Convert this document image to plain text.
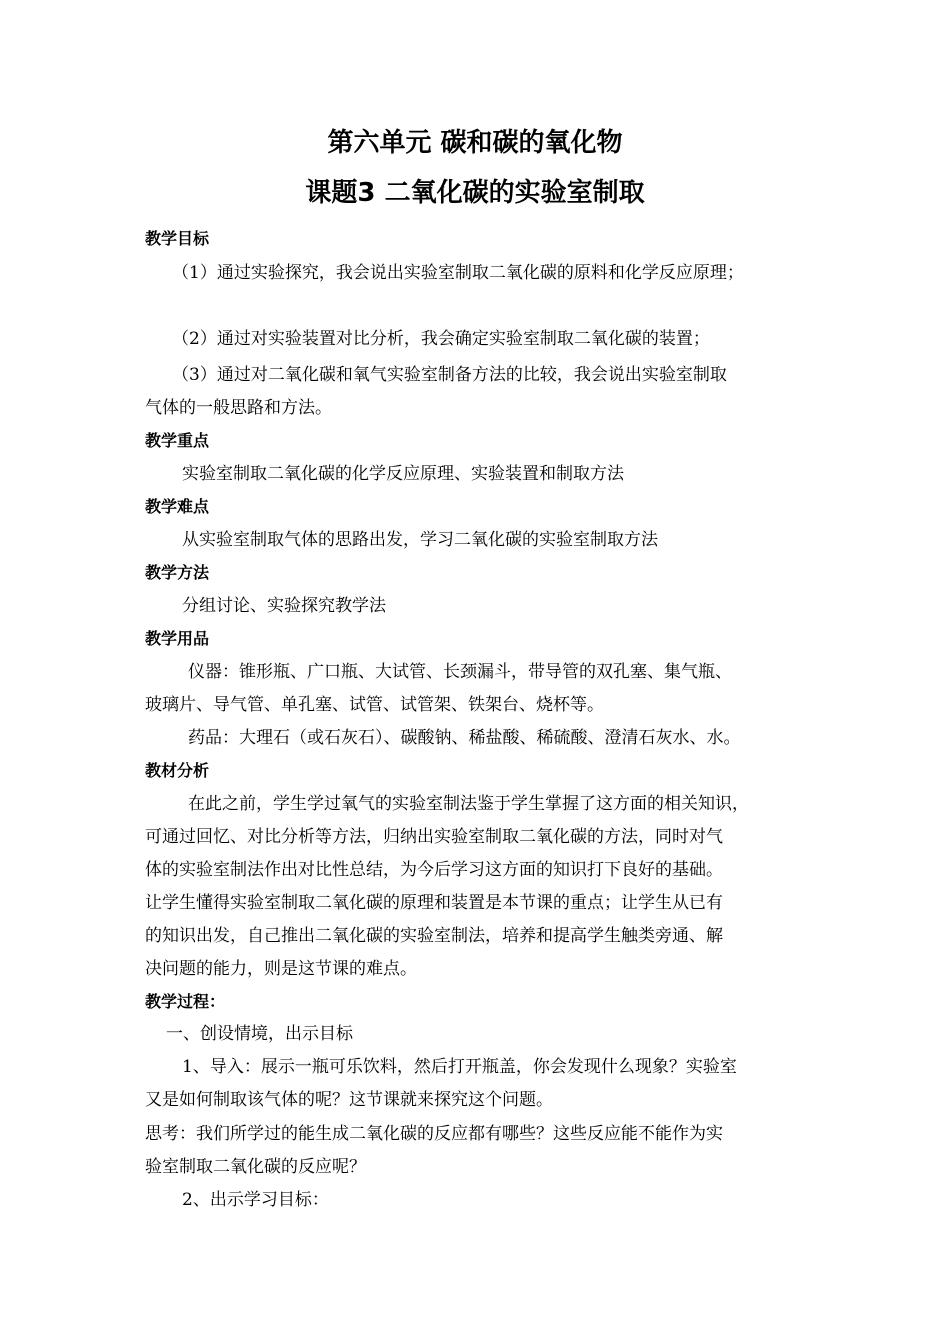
第六单元 碳和碳的氧化物
课题3 二氧化碳的实验室制取
教学目标
（1）通过实验探究，我会说出实验室制取二氧化碳的原料和化学反应原理；
（2）通过对实验装置对比分析，我会确定实验室制取二氧化碳的装置；
（3）通过对二氧化碳和氧气实验室制备方法的比较，我会说出实验室制取
气体的一般思路和方法。
教学重点
实验室制取二氧化碳的化学反应原理、实验装置和制取方法
教学难点
从实验室制取气体的思路出发，学习二氧化碳的实验室制取方法
教学方法
分组讨论、实验探究教学法
教学用品
仪器：锥形瓶、广口瓶、大试管、长颈漏斗，带导管的双孔塞、集气瓶、
玻璃片、导气管、单孔塞、试管、试管架、铁架台、烧杯等。
药品：大理石（或石灰石）、碳酸钠、稀盐酸、稀硫酸、澄清石灰水、水。
教材分析
在此之前，学生学过氧气的实验室制法鉴于学生掌握了这方面的相关知识，
可通过回忆、对比分析等方法，归纳出实验室制取二氧化碳的方法，同时对气
体的实验室制法作出对比性总结，为今后学习这方面的知识打下良好的基础。
让学生懂得实验室制取二氧化碳的原理和装置是本节课的重点；让学生从已有
的知识出发，自己推出二氧化碳的实验室制法，培养和提高学生触类旁通、解
决问题的能力，则是这节课的难点。
教学过程：
一、创设情境，出示目标
1、导入：展示一瓶可乐饮料，然后打开瓶盖，你会发现什么现象？实验室
又是如何制取该气体的呢？这节课就来探究这个问题。
思考：我们所学过的能生成二氧化碳的反应都有哪些？这些反应能不能作为实
验室制取二氧化碳的反应呢？
2、出示学习目标：
